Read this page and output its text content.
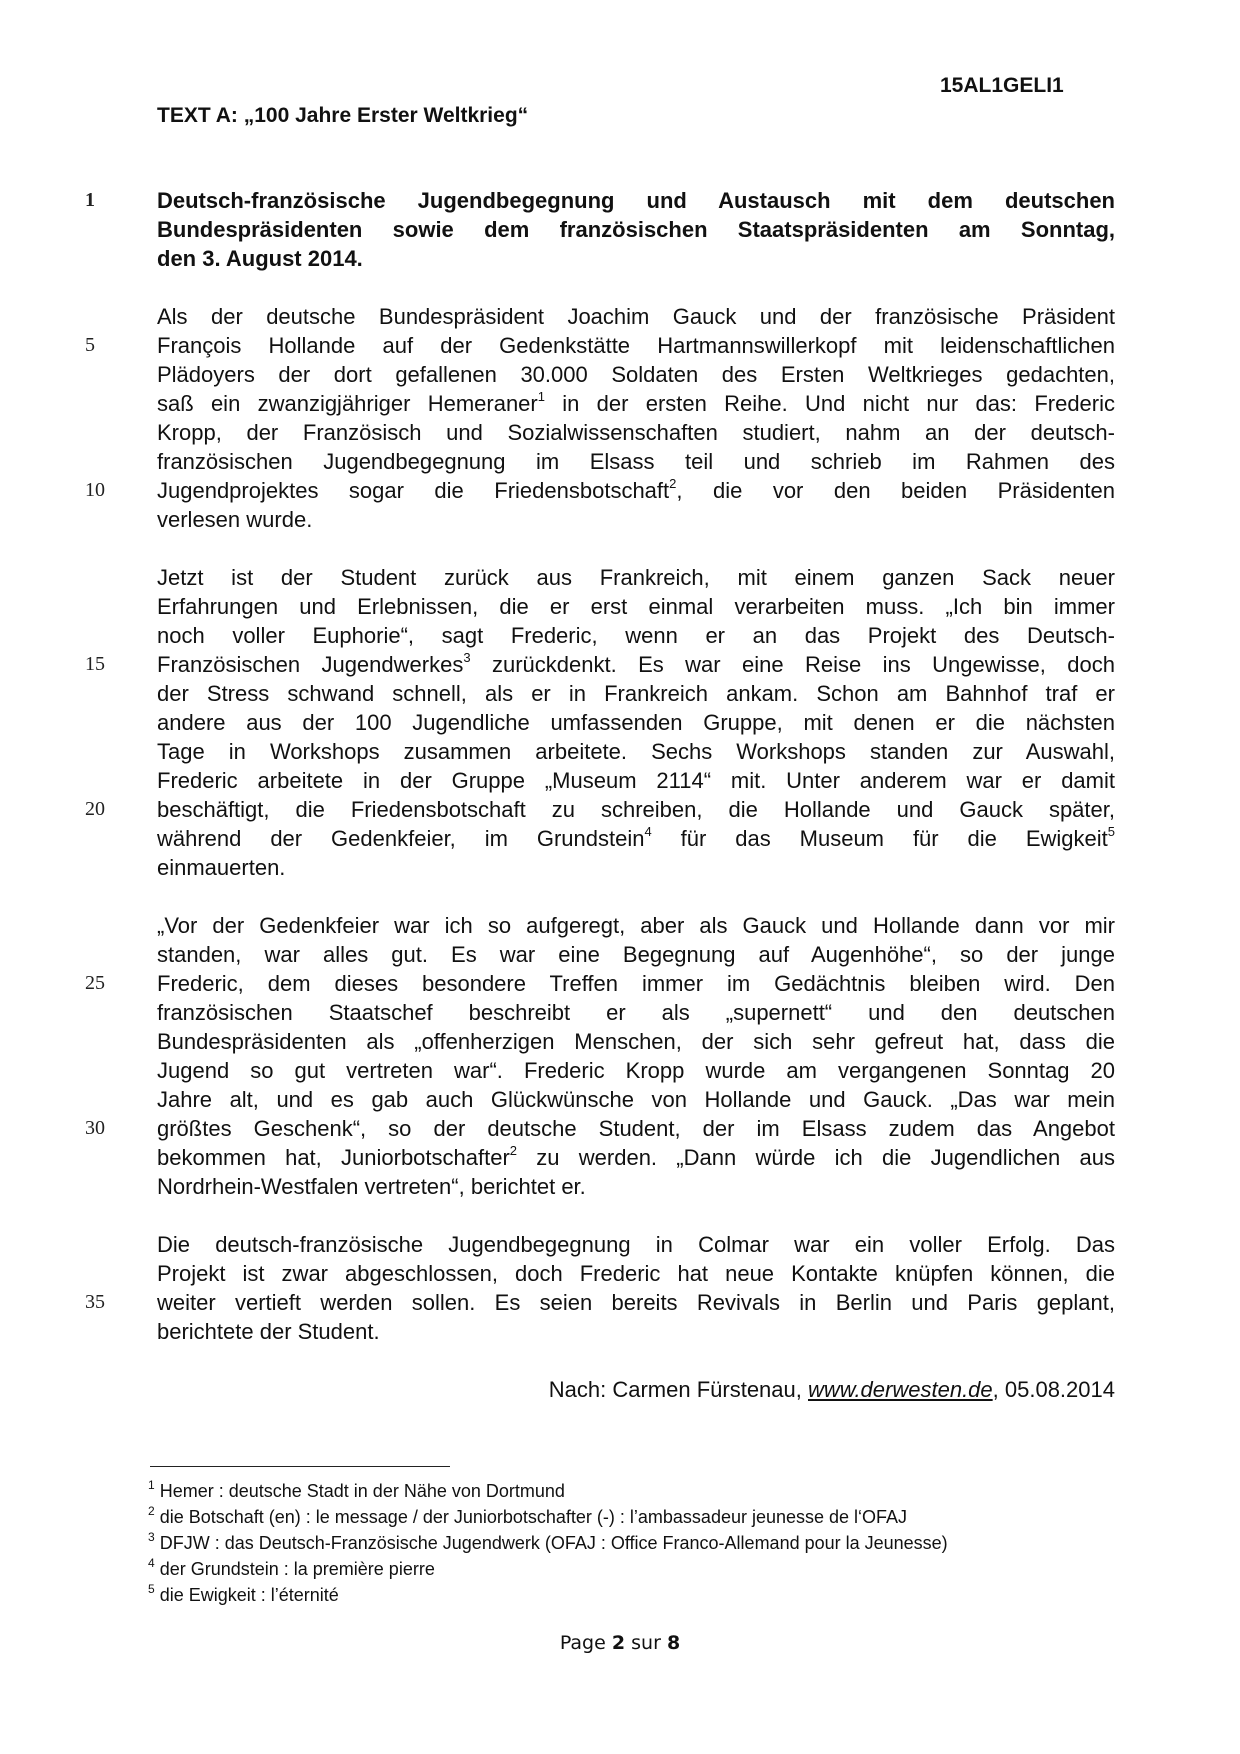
15AL1GELI1
TEXT A: „100 Jahre Erster Weltkrieg“
1	Deutsch-französische Jugendbegegnung und Austausch mit dem deutschen
Bundespräsidenten sowie dem französischen Staatspräsidenten am Sonntag,
den 3. August 2014.
Als der deutsche Bundespräsident Joachim Gauck und der französische Präsident
5	François Hollande auf der Gedenkstätte Hartmannswillerkopf mit leidenschaftlichen
Plädoyers der dort gefallenen 30.000 Soldaten des Ersten Weltkrieges gedachten,
saß ein zwanzigjähriger Hemeraner$^1$ in der ersten Reihe. Und nicht nur das: Frederic
Kropp, der Französisch und Sozialwissenschaften studiert, nahm an der deutsch-
französischen Jugendbegegnung im Elsass teil und schrieb im Rahmen des
10	Jugendprojektes sogar die Friedensbotschaft$^2$, die vor den beiden Präsidenten
verlesen wurde.
Jetzt ist der Student zurück aus Frankreich, mit einem ganzen Sack neuer
Erfahrungen und Erlebnissen, die er erst einmal verarbeiten muss. „Ich bin immer
noch voller Euphorie“, sagt Frederic, wenn er an das Projekt des Deutsch-
15	Französischen Jugendwerkes$^3$ zurückdenkt. Es war eine Reise ins Ungewisse, doch
der Stress schwand schnell, als er in Frankreich ankam. Schon am Bahnhof traf er
andere aus der 100 Jugendliche umfassenden Gruppe, mit denen er die nächsten
Tage in Workshops zusammen arbeitete. Sechs Workshops standen zur Auswahl,
Frederic arbeitete in der Gruppe „Museum 2114“ mit. Unter anderem war er damit
20	beschäftigt, die Friedensbotschaft zu schreiben, die Hollande und Gauck später,
während der Gedenkfeier, im Grundstein$^4$ für das Museum für die Ewigkeit$^5$
einmauerten.
„Vor der Gedenkfeier war ich so aufgeregt, aber als Gauck und Hollande dann vor mir
standen, war alles gut. Es war eine Begegnung auf Augenhöhe“, so der junge
25	Frederic, dem dieses besondere Treffen immer im Gedächtnis bleiben wird. Den
französischen Staatschef beschreibt er als „supernett“ und den deutschen
Bundespräsidenten als „offenherzigen Menschen, der sich sehr gefreut hat, dass die
Jugend so gut vertreten war“. Frederic Kropp wurde am vergangenen Sonntag 20
Jahre alt, und es gab auch Glückwünsche von Hollande und Gauck. „Das war mein
30	größtes Geschenk“, so der deutsche Student, der im Elsass zudem das Angebot
bekommen hat, Juniorbotschafter$^2$ zu werden. „Dann würde ich die Jugendlichen aus
Nordrhein-Westfalen vertreten“, berichtet er.
Die deutsch-französische Jugendbegegnung in Colmar war ein voller Erfolg. Das
Projekt ist zwar abgeschlossen, doch Frederic hat neue Kontakte knüpfen können, die
35	weiter vertieft werden sollen. Es seien bereits Revivals in Berlin und Paris geplant,
berichtete der Student.
Nach: Carmen Fürstenau, www.derwesten.de, 05.08.2014
$^1$ Hemer : deutsche Stadt in der Nähe von Dortmund
$^2$ die Botschaft (en) : le message / der Juniorbotschafter (-) : l’ambassadeur jeunesse de l‘OFAJ
$^3$ DFJW : das Deutsch-Französische Jugendwerk (OFAJ : Office Franco-Allemand pour la Jeunesse)
$^4$ der Grundstein : la première pierre
$^5$ die Ewigkeit : l’éternité
Page 2 sur 8
